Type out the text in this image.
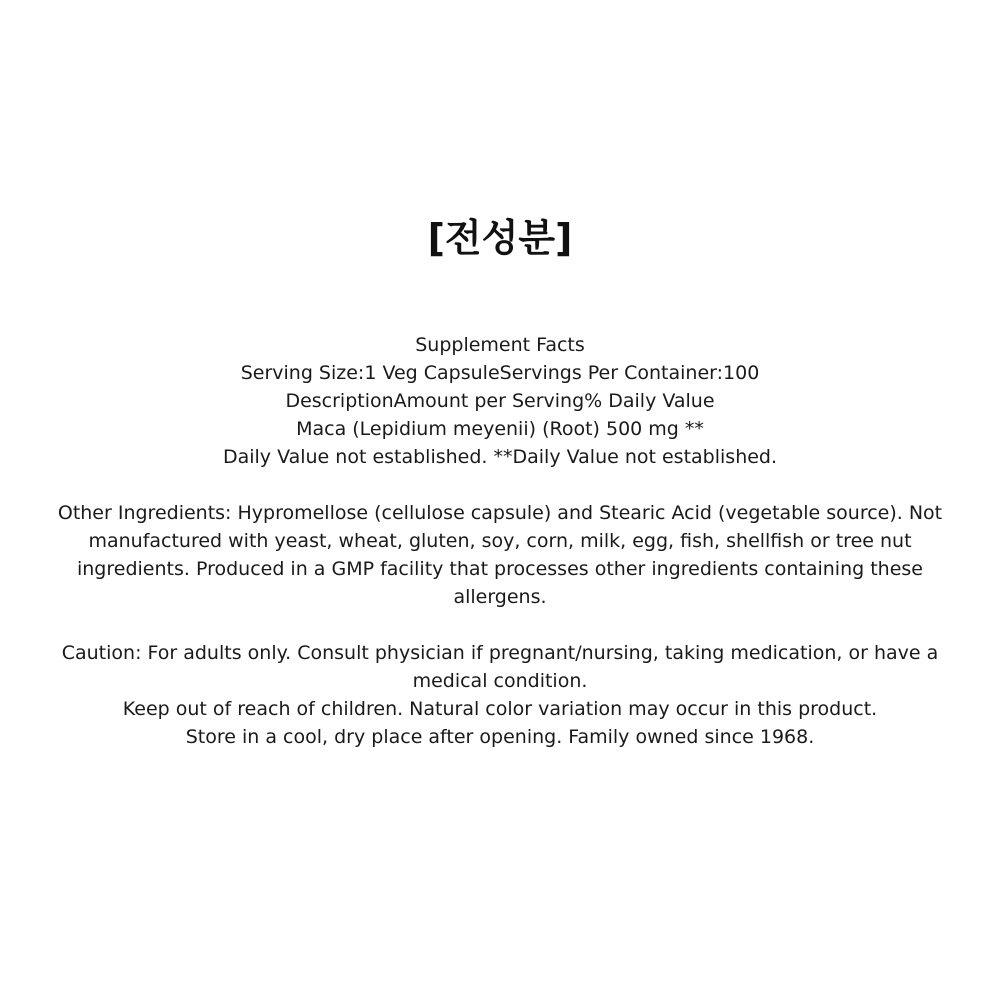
[전성분]
Supplement Facts
Serving Size:1 Veg CapsuleServings Per Container:100
DescriptionAmount per Serving% Daily Value
Maca (Lepidium meyenii) (Root) 500 mg **
Daily Value not established. **Daily Value not established.

Other Ingredients: Hypromellose (cellulose capsule) and Stearic Acid (vegetable source). Not manufactured with yeast, wheat, gluten, soy, corn, milk, egg, fish, shellfish or tree nut ingredients. Produced in a GMP facility that processes other ingredients containing these allergens.

Caution: For adults only. Consult physician if pregnant/nursing, taking medication, or have a medical condition.

Keep out of reach of children. Natural color variation may occur in this product.
Store in a cool, dry place after opening. Family owned since 1968.
